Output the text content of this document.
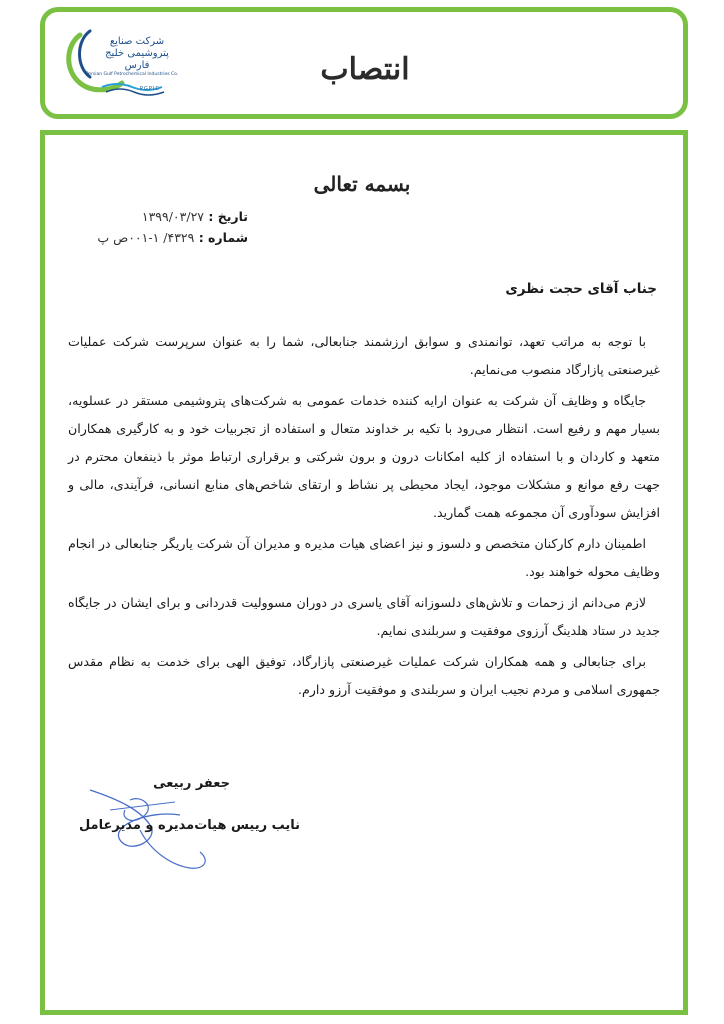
شرکت صنایع پتروشیمی خلیج فارس
Persian Gulf Petrochemical Industries Co.
PGPIC
انتصاب
بسمه تعالی
تاریخ : ۱۳۹۹/۰۳/۲۷
شماره : ۴۳۲۹/ ۱-۰۰۱ص پ
جناب آقای حجت نظری

با توجه به مراتب تعهد، توانمندی و سوابق ارزشمند جنابعالی، شما را به عنوان سرپرست شرکت عملیات غیرصنعتی پازارگاد منصوب می‌نمایم.

جایگاه و وظایف آن شرکت به عنوان ارایه کننده خدمات عمومی به شرکت‌های پتروشیمی مستقر در عسلویه، بسیار مهم و رفیع است. انتظار می‌رود با تکیه بر خداوند متعال و استفاده از تجربیات خود و به کارگیری همکاران متعهد و کاردان و با استفاده از کلیه امکانات درون و برون شرکتی و برقراری ارتباط موثر با ذینفعان محترم در جهت رفع موانع و مشکلات موجود، ایجاد محیطی پر نشاط و ارتقای شاخص‌های منابع انسانی، فرآیندی، مالی و افزایش سودآوری آن مجموعه همت گمارید.

اطمینان دارم کارکنان متخصص و دلسوز و نیز اعضای هیات مدیره و مدیران آن شرکت یاریگر جنابعالی در انجام وظایف محوله خواهند بود.

لازم می‌دانم از زحمات و تلاش‌های دلسوزانه آقای یاسری در دوران مسوولیت قدردانی و برای ایشان در جایگاه جدید در ستاد هلدینگ آرزوی موفقیت و سربلندی نمایم.

برای جنابعالی و همه همکاران شرکت عملیات غیرصنعتی پازارگاد، توفیق الهی برای خدمت به نظام مقدس جمهوری اسلامی و مردم نجیب ایران و سربلندی و موفقیت آرزو دارم.

جعفر ربیعی
نایب رییس هیات‌مدیره و مدیرعامل
